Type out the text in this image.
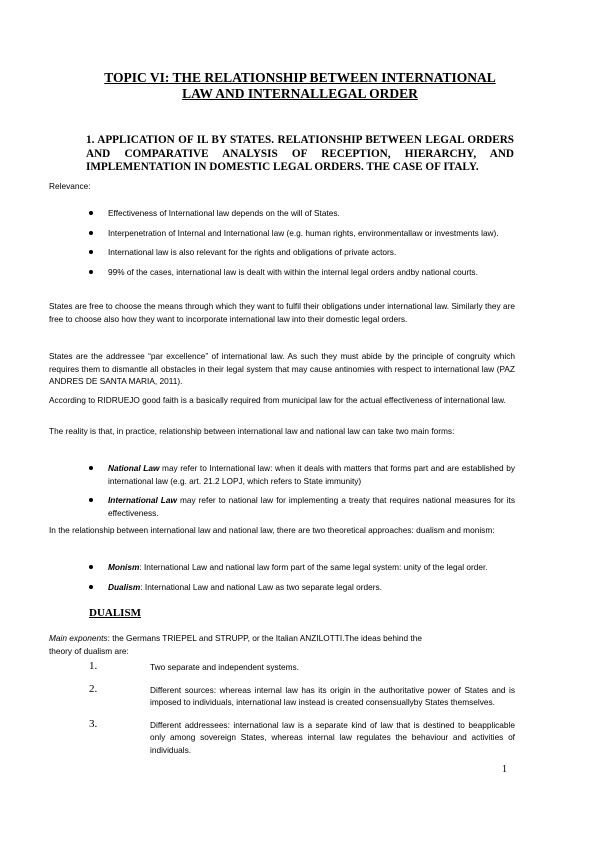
TOPIC VI: THE RELATIONSHIP BETWEEN INTERNATIONAL
LAW AND INTERNALLEGAL ORDER
1. APPLICATION OF IL BY STATES. RELATIONSHIP BETWEEN LEGAL ORDERS AND COMPARATIVE ANALYSIS OF RECEPTION, HIERARCHY, AND IMPLEMENTATION IN DOMESTIC LEGAL ORDERS. THE CASE OF ITALY.
Relevance:
Effectiveness of International law depends on the will of States.
Interpenetration of Internal and International law (e.g. human rights, environmentallaw or investments law).
International law is also relevant for the rights and obligations of private actors.
99% of the cases, international law is dealt with within the internal legal orders andby national courts.
States are free to choose the means through which they want to fulfil their obligations under international law. Similarly they are free to choose also how they want to incorporate international law into their domestic legal orders.
States are the addressee “par excellence” of international law. As such they must abide by the principle of congruity which requires them to dismantle all obstacles in their legal system that may cause antinomies with respect to international law (PAZ ANDRES DE SANTA MARIA, 2011).
According to RIDRUEJO good faith is a basically required from municipal law for the actual effectiveness of international law.
The reality is that, in practice, relationship between international law and national law can take two main forms:
National Law may refer to International law: when it deals with matters that forms part and are established by international law (e.g. art. 21.2 LOPJ, which refers to State immunity)
International Law may refer to national law for implementing a treaty that requires national measures for its effectiveness.
In the relationship between international law and national law, there are two theoretical approaches: dualism and monism:
Monism: International Law and national law form part of the same legal system: unity of the legal order.
Dualism: International Law and national Law as two separate legal orders.
DUALISM
Main exponents: the Germans TRIEPEL and STRUPP, or the Italian ANZILOTTI.The ideas behind the
theory of dualism are:
1.	Two separate and independent systems.
2.	Different sources: whereas internal law has its origin in the authoritative power of States and is imposed to individuals, international law instead is created consensuallyby States themselves.
3.	Different addressees: international law is a separate kind of law that is destined to beapplicable only among sovereign States, whereas internal law regulates the behaviour and activities of individuals.
1
